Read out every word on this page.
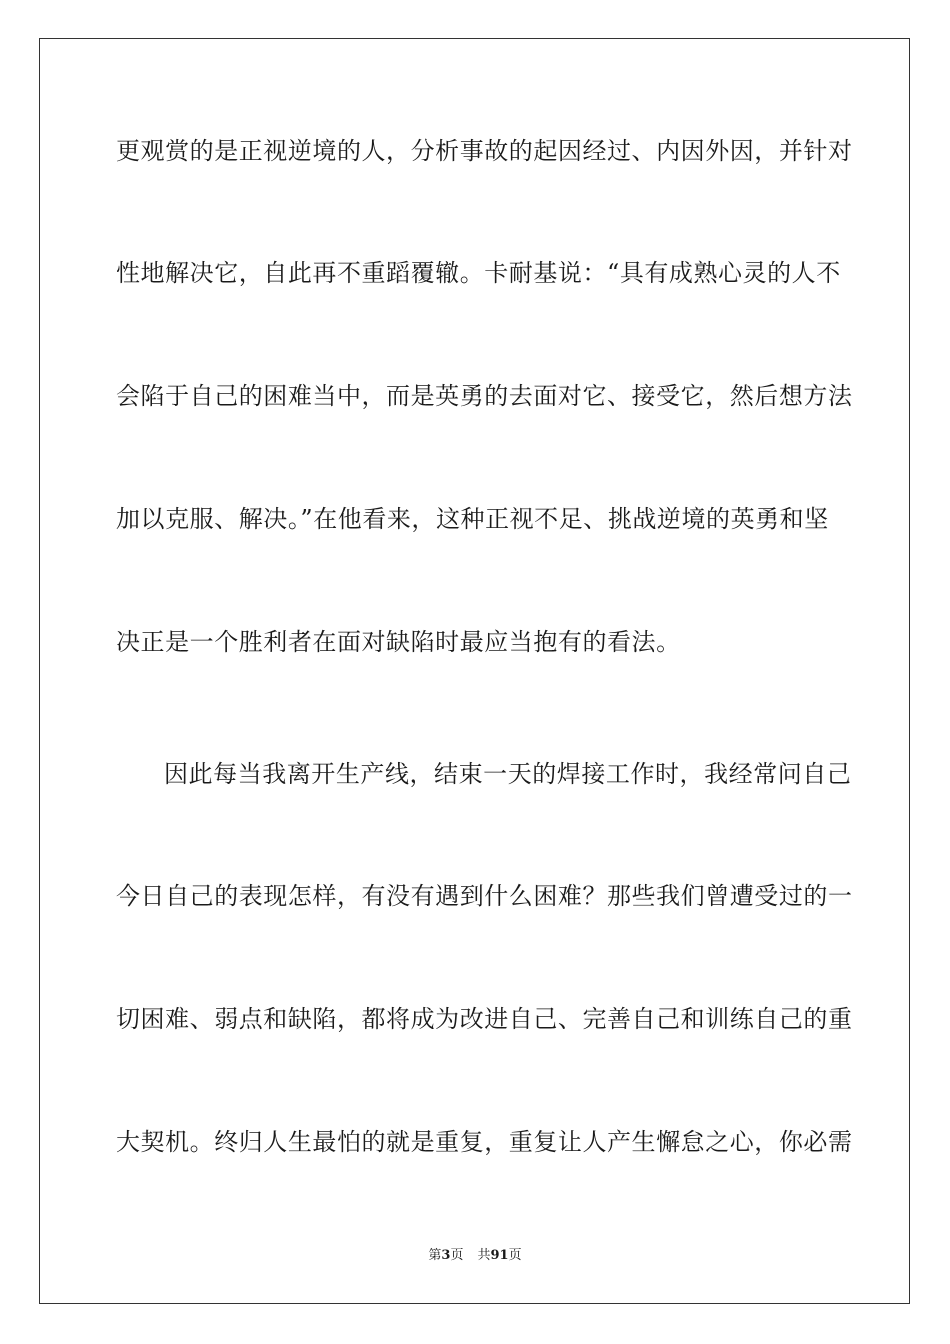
更观赏的是正视逆境的人，分析事故的起因经过、内因外因，并针对
性地解决它，自此再不重蹈覆辙。卡耐基说：“具有成熟心灵的人不
会陷于自己的困难当中，而是英勇的去面对它、接受它，然后想方法
加以克服、解决。”在他看来，这种正视不足、挑战逆境的英勇和坚
决正是一个胜利者在面对缺陷时最应当抱有的看法。
因此每当我离开生产线，结束一天的焊接工作时，我经常问自己
今日自己的表现怎样，有没有遇到什么困难？那些我们曾遭受过的一
切困难、弱点和缺陷，都将成为改进自己、完善自己和训练自己的重
大契机。终归人生最怕的就是重复，重复让人产生懈怠之心，你必需
第3页 共91页
